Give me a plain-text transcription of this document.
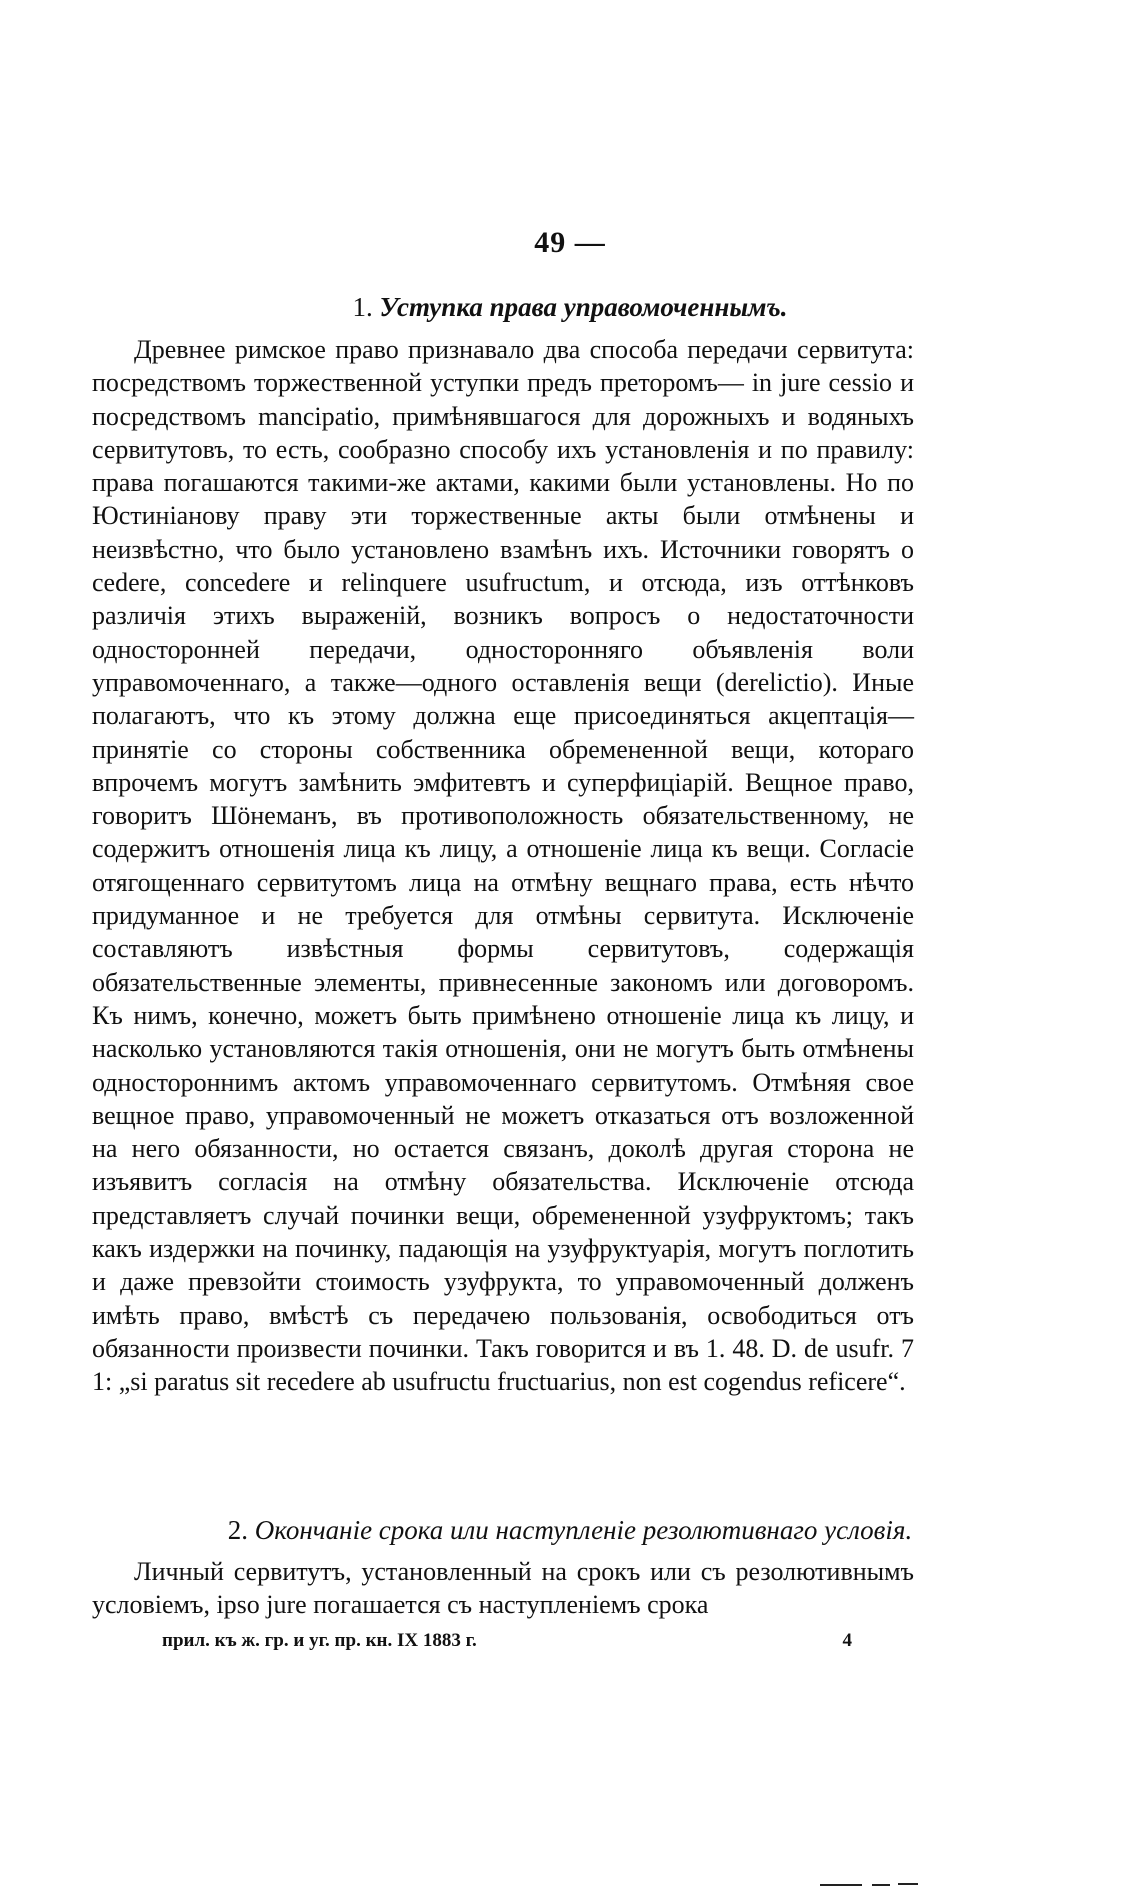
49 —
1. Уступка права управомоченнымъ.
Древнее римское право признавало два способа передачи сервитута: посредствомъ торжественной уступки предъ преторомъ— in jure cessio и посредствомъ mancipatio, примѣнявшагося для дорожныхъ и водяныхъ сервитутовъ, то есть, сообразно способу ихъ установленія и по правилу: права погашаются такими-же актами, какими были установлены. Но по Юстиніанову праву эти торжественные акты были отмѣнены и неизвѣстно, что было установлено взамѣнъ ихъ. Источники говорятъ о cedere, concedere и relinquere usufructum, и отсюда, изъ оттѣнковъ различія этихъ выраженій, возникъ вопросъ о недостаточности односторонней передачи, односторонняго объявленія воли управомоченнаго, а также—одного оставленія вещи (derelictio). Иные полагаютъ, что къ этому должна еще присоединяться акцептація—принятіе со стороны собственника обремененной вещи, котораго впрочемъ могутъ замѣнить эмфитевтъ и суперфиціарій. Вещное право, говоритъ Шöнеманъ, въ противоположность обязательственному, не содержитъ отношенія лица къ лицу, а отношеніе лица къ вещи. Согласіе отягощеннаго сервитутомъ лица на отмѣну вещнаго права, есть нѣчто придуманное и не требуется для отмѣны сервитута. Исключеніе составляютъ извѣстныя формы сервитутовъ, содержащія обязательственные элементы, привнесенные закономъ или договоромъ. Къ нимъ, конечно, можетъ быть примѣнено отношеніе лица къ лицу, и насколько установляются такія отношенія, они не могутъ быть отмѣнены одностороннимъ актомъ управомоченнаго сервитутомъ. Отмѣняя свое вещное право, управомоченный не можетъ отказаться отъ возложенной на него обязанности, но остается связанъ, доколѣ другая сторона не изъявитъ согласія на отмѣну обязательства. Исключеніе отсюда представляетъ случай починки вещи, обремененной узуфруктомъ; такъ какъ издержки на починку, падающія на узуфруктуарія, могутъ поглотить и даже превзойти стоимость узуфрукта, то управомоченный долженъ имѣть право, вмѣстѣ съ передачею пользованія, освободиться отъ обязанности произвести починки. Такъ говорится и въ 1. 48. D. de usufr. 7 1: „si paratus sit recedere ab usufructu fructuarius, non est cogendus reficere“.
2. Окончаніе срока или наступленіе резолютивнаго условія.
Личный сервитутъ, установленный на срокъ или съ резолютивнымъ условіемъ, ipso jure погашается съ наступленіемъ срока
прил. къ ж. гр. и уг. пр. кн. IX 1883 г.	4
